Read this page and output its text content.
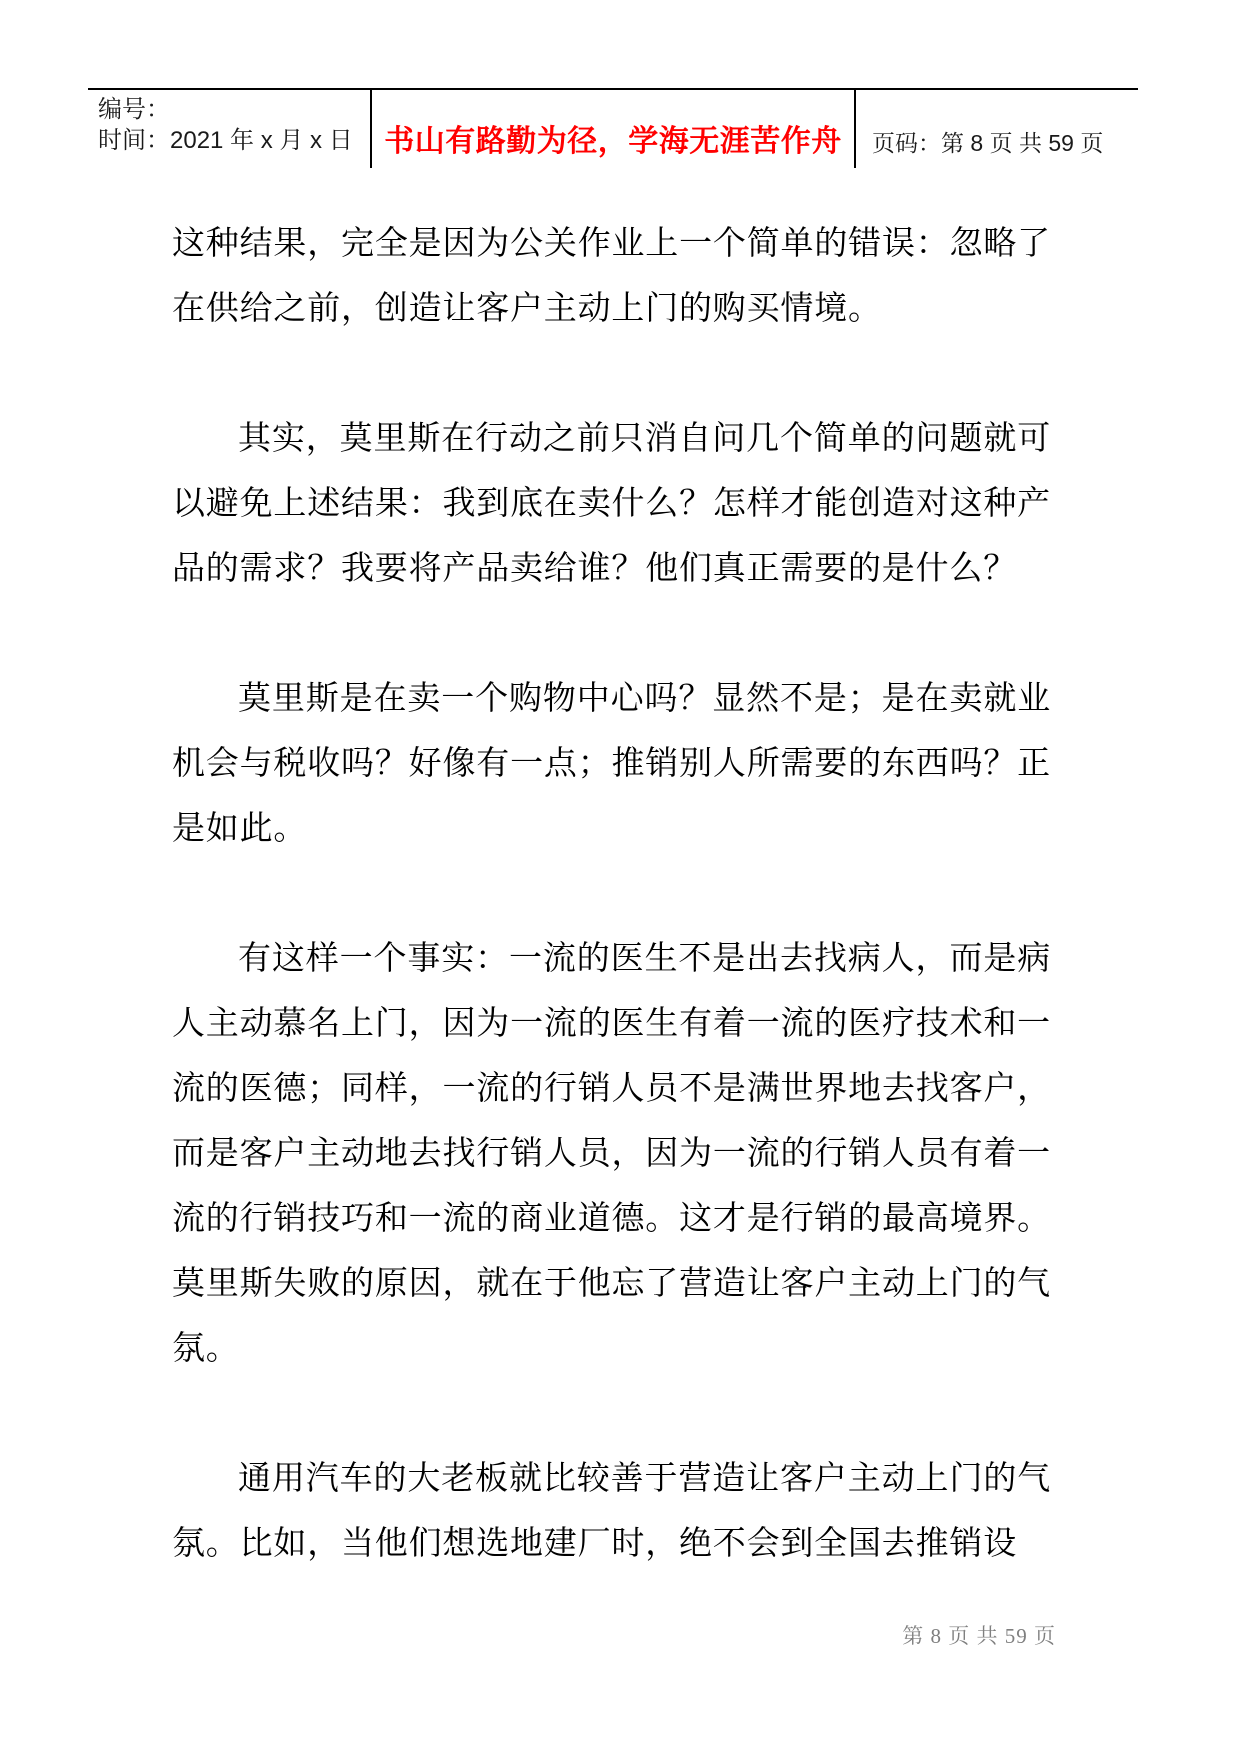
编号：
时间：2021 年 x 月 x 日	书山有路勤为径，学海无涯苦作舟 页码：第 8 页 共 59 页

这种结果，完全是因为公关作业上一个简单的错误：忽略了在供给之前，创造让客户主动上门的购买情境。

其实，莫里斯在行动之前只消自问几个简单的问题就可以避免上述结果：我到底在卖什么？怎样才能创造对这种产品的需求？我要将产品卖给谁？他们真正需要的是什么？

莫里斯是在卖一个购物中心吗？显然不是；是在卖就业机会与税收吗？好像有一点；推销别人所需要的东西吗？正是如此。

有这样一个事实：一流的医生不是出去找病人，而是病人主动慕名上门，因为一流的医生有着一流的医疗技术和一流的医德；同样，一流的行销人员不是满世界地去找客户，而是客户主动地去找行销人员，因为一流的行销人员有着一流的行销技巧和一流的商业道德。这才是行销的最高境界。莫里斯失败的原因，就在于他忘了营造让客户主动上门的气氛。

通用汽车的大老板就比较善于营造让客户主动上门的气氛。比如，当他们想选地建厂时，绝不会到全国去推销设

第 8 页 共 59 页
